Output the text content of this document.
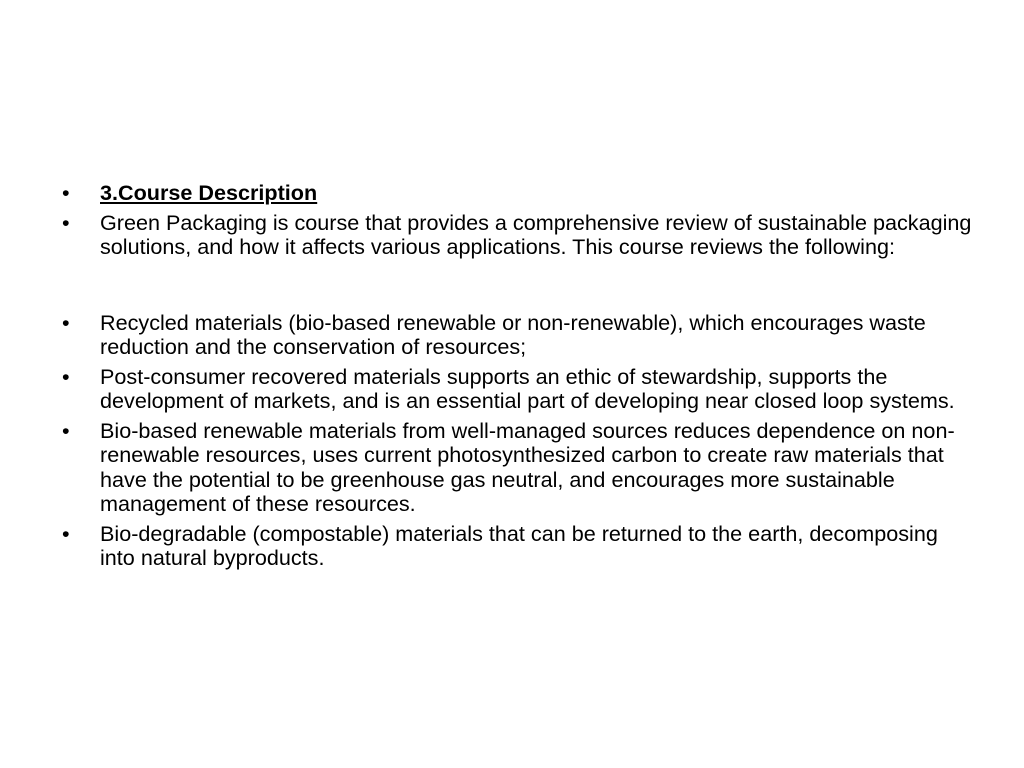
•	3.Course Description
•	Green Packaging is course that provides a comprehensive review of sustainable packaging solutions, and how it affects various applications. This course reviews the following:
•	Recycled materials (bio-based renewable or non-renewable), which encourages waste reduction and the conservation of resources;
•	Post-consumer recovered materials supports an ethic of stewardship, supports the development of markets, and is an essential part of developing near closed loop systems.
•	Bio-based renewable materials from well-managed sources reduces dependence on non-renewable resources, uses current photosynthesized carbon to create raw materials that have the potential to be greenhouse gas neutral, and encourages more sustainable management of these resources.
•	Bio-degradable (compostable) materials that can be returned to the earth, decomposing into natural byproducts.
